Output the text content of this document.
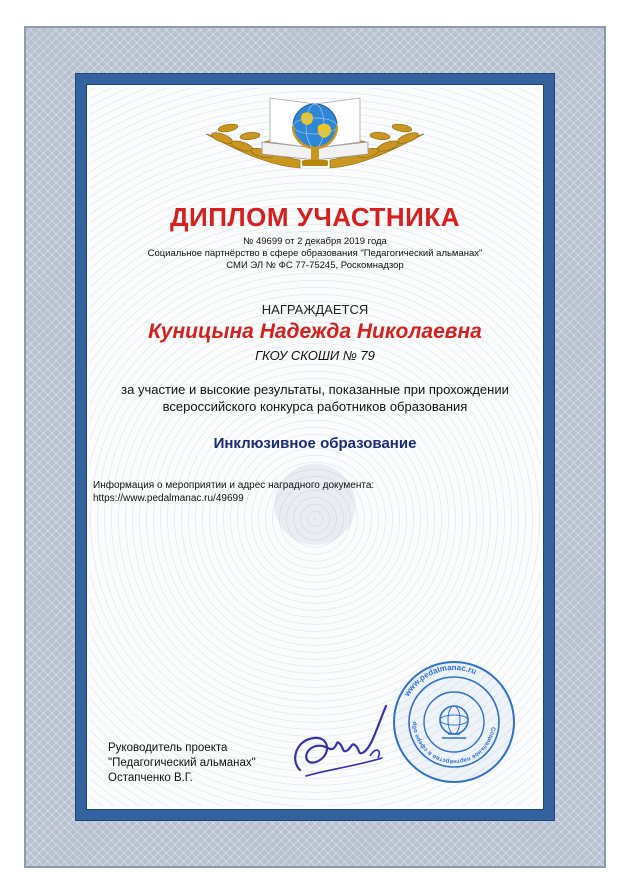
ДИПЛОМ УЧАСТНИКА
№ 49699 от 2 декабря 2019 года
Социальное партнёрство в сфере образования "Педагогический альманах"
СМИ ЭЛ № ФС 77-75245, Роскомнадзор
НАГРАЖДАЕТСЯ
Куницына Надежда Николаевна
ГКОУ СКОШИ № 79
за участие и высокие результаты, показанные при прохождении
всероссийского конкурса работников образования
Инклюзивное образование
Информация о мероприятии и адрес наградного документа:
https://www.pedalmanac.ru/49699
Руководитель проекта
"Педагогический альманах"
Остапченко В.Г.
www.pedalmanac.ru
Социальное партнёрство в сфере обр
